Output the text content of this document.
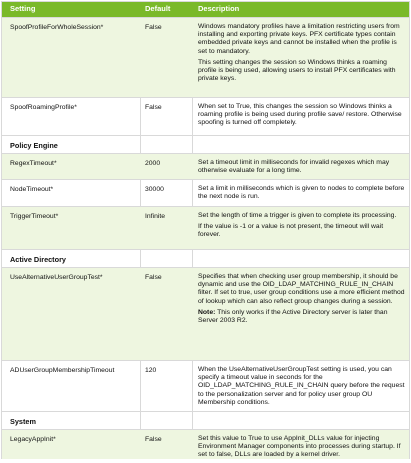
Setting	Default	Description
SpoofProfileForWholeSession*	False	Windows mandatory profiles have a limitation restricting users from installing and exporting private keys. PFX certificate types contain embedded private keys and cannot be installed when the profile is set to mandatory.

This setting changes the session so Windows thinks a roaming profile is being used, allowing users to install PFX certificates with private keys.

SpoofRoamingProfile*	False	When set to True, this changes the session so Windows thinks a roaming profile is being used during profile save/ restore. Otherwise spoofing is turned off completely.

Policy Engine
RegexTimeout*	2000	Set a timeout limit in milliseconds for invalid regexes which may otherwise evaluate for a long time.

NodeTimeout*	30000	Set a limit in milliseconds which is given to nodes to complete before the next node is run.

TriggerTimeout*	Infinite	Set the length of time a trigger is given to complete its processing.

If the value is -1 or a value is not present, the timeout will wait forever.

Active Directory
UseAlternativeUserGroupTest*	False	Specifies that when checking user group membership, it should be dynamic and use the OID_LDAP_MATCHING_RULE_IN_CHAIN filter. If set to true, user group conditions use a more efficient method of lookup which can also reflect group changes during a session.

Note: This only works if the Active Directory server is later than Server 2003 R2.

ADUserGroupMembershipTimeout	120	When the UseAlternativeUserGroupTest setting is used, you can specify a timeout value in seconds for the OID_LDAP_MATCHING_RULE_IN_CHAIN query before the request to the personalization server and for policy user group OU Membership conditions.

System
LegacyAppInit*	False	Set this value to True to use AppInit_DLLs value for injecting Environment Manager components into processes during startup. If set to false, DLLs are loaded by a kernel driver.
